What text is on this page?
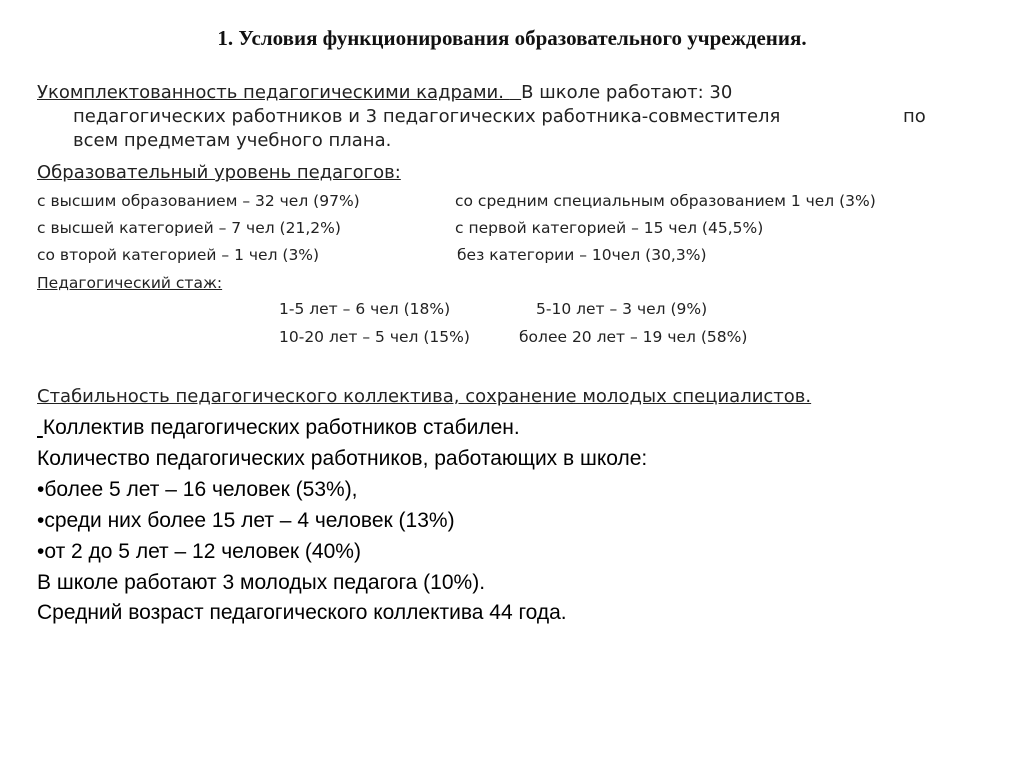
1. Условия функционирования образовательного учреждения.
Укомплектованность педагогическими кадрами.   В школе работают: 30
педагогических работников и 3 педагогических работника-совместителя	по
всем предметам учебного плана.
Образовательный уровень педагогов:
с высшим образованием – 32 чел (97%)	со средним специальным образованием 1 чел (3%)
с высшей категорией – 7 чел (21,2%)	с первой категорией – 15 чел (45,5%)
со второй категорией – 1 чел (3%)	без категории – 10чел (30,3%)
Педагогический стаж:
1-5 лет – 6 чел (18%)	5-10 лет – 3 чел (9%)
10-20 лет – 5 чел (15%)	более 20 лет – 19 чел (58%)
Стабильность педагогического коллектива, сохранение молодых специалистов.
Коллектив педагогических работников стабилен.
Количество педагогических работников, работающих в школе:
•более 5 лет – 16 человек (53%),
•среди них более 15 лет – 4 человек (13%)
•от 2 до 5 лет – 12 человек (40%)
В школе работают 3 молодых педагога (10%).
Средний возраст педагогического коллектива 44 года.
